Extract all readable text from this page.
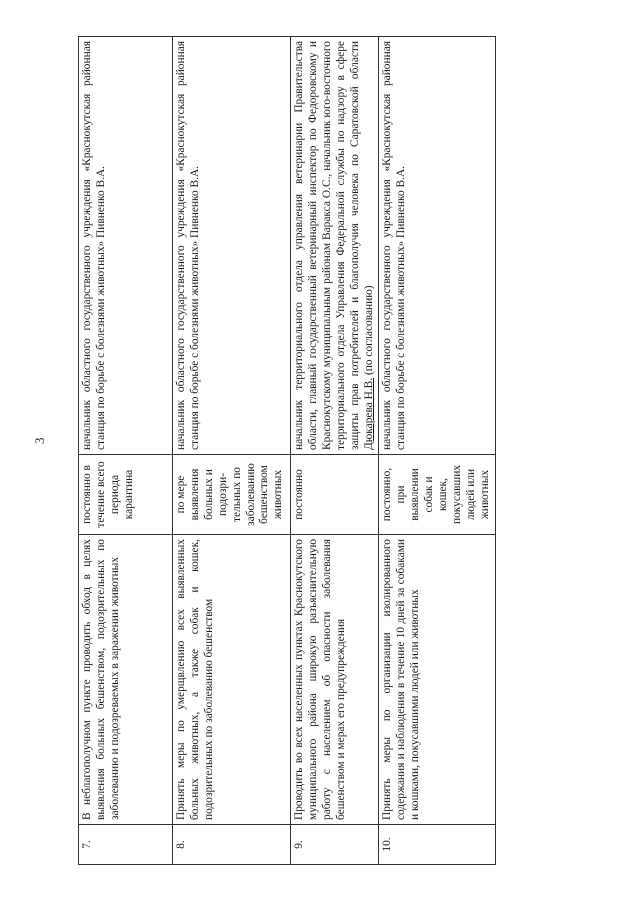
3
7.	В неблагополучном пункте проводить обход в целях выявления больных бешенством, подозрительных по заболеванию и подозреваемых в заражении животных	постоянно в течение всего периода карантина	начальник областного государственного учреждения «Краснокутская районная станция по борьбе с болезнями животных» Пивненко В.А.
8.	Принять меры по умерщвлению всех выявленных больных животных, а также собак и кошек, подозрительных по заболеванию бешенством	по мере выявления больных и подозри-тельных по заболеванию бешенством животных	начальник областного государственного учреждения «Краснокутская районная станция по борьбе с болезнями животных» Пивненко В.А.
9.	Проводить во всех населенных пунктах Краснокутского муниципального района широкую разъяснительную работу с населением об опасности заболевания бешенством и мерах его предупреждения	постоянно	начальник территориального отдела управления ветеринарии Правительства области, главный государственный ветеринарный инспектор по Федоровскому и Краснокутскому муниципальным районам Варакса О.С., начальник юго-восточного территориального отдела Управления Федеральной службы по надзору в сфере защиты прав потребителей и благополучия человека по Саратовской области Дюкарева Н.В. (по согласованию)
10.	Принять меры по организации изолированного содержания и наблюдения в течение 10 дней за собаками и кошками, покусавшими людей или животных	постоянно, при выявлении собак и кошек, покусавших людей или животных	начальник областного государственного учреждения «Краснокутская районная станция по борьбе с болезнями животных» Пивненко В.А.
